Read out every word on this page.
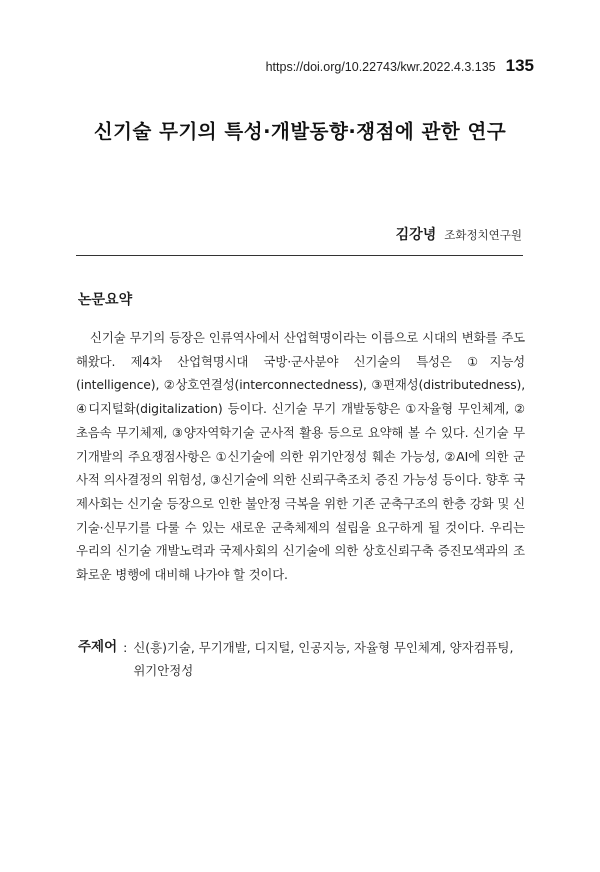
https://doi.org/10.22743/kwr.2022.4.3.135 135
신기술 무기의 특성·개발동향·쟁점에 관한 연구
김강녕 조화정치연구원
논문요약
신기술 무기의 등장은 인류역사에서 산업혁명이라는 이름으로 시대의 변화를 주도해왔다. 제4차 산업혁명시대 국방·군사분야 신기술의 특성은 ①지능성(intelligence), ②상호연결성(interconnectedness), ③편재성(distributedness), ④디지털화(digitalization) 등이다. 신기술 무기 개발동향은 ①자율형 무인체계, ②초음속 무기체제, ③양자역학기술 군사적 활용 등으로 요약해 볼 수 있다. 신기술 무기개발의 주요쟁점사항은 ①신기술에 의한 위기안정성 훼손 가능성, ②AI에 의한 군사적 의사결정의 위험성, ③신기술에 의한 신뢰구축조치 증진 가능성 등이다. 향후 국제사회는 신기술 등장으로 인한 불안정 극복을 위한 기존 군축구조의 한층 강화 및 신기술·신무기를 다룰 수 있는 새로운 군축체제의 설립을 요구하게 될 것이다. 우리는 우리의 신기술 개발노력과 국제사회의 신기술에 의한 상호신뢰구축 증진모색과의 조화로운 병행에 대비해 나가야 할 것이다.
주제어 : 신(흥)기술, 무기개발, 디지털, 인공지능, 자율형 무인체계, 양자컴퓨팅, 위기안정성
